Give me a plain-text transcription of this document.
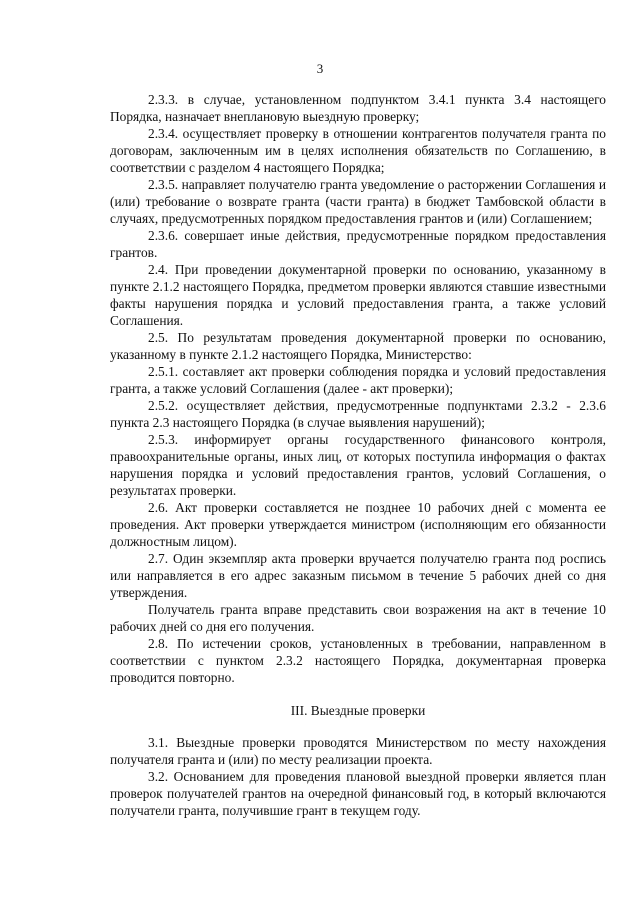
3

2.3.3. в случае, установленном подпунктом 3.4.1 пункта 3.4 настоящего Порядка, назначает внеплановую выездную проверку;

2.3.4. осуществляет проверку в отношении контрагентов получателя гранта по договорам, заключенным им в целях исполнения обязательств по Соглашению, в соответствии с разделом 4 настоящего Порядка;

2.3.5. направляет получателю гранта уведомление о расторжении Соглашения и (или) требование о возврате гранта (части гранта) в бюджет Тамбовской области в случаях, предусмотренных порядком предоставления грантов и (или) Соглашением;

2.3.6. совершает иные действия, предусмотренные порядком предоставления грантов.

2.4. При проведении документарной проверки по основанию, указанному в пункте 2.1.2 настоящего Порядка, предметом проверки являются ставшие известными факты нарушения порядка и условий предоставления гранта, а также условий Соглашения.

2.5. По результатам проведения документарной проверки по основанию, указанному в пункте 2.1.2 настоящего Порядка, Министерство:

2.5.1. составляет акт проверки соблюдения порядка и условий предоставления гранта, а также условий Соглашения (далее - акт проверки);

2.5.2. осуществляет действия, предусмотренные подпунктами 2.3.2 - 2.3.6 пункта 2.3 настоящего Порядка (в случае выявления нарушений);

2.5.3. информирует органы государственного финансового контроля, правоохранительные органы, иных лиц, от которых поступила информация о фактах нарушения порядка и условий предоставления грантов, условий Соглашения, о результатах проверки.

2.6. Акт проверки составляется не позднее 10 рабочих дней с момента ее проведения. Акт проверки утверждается министром (исполняющим его обязанности должностным лицом).

2.7. Один экземпляр акта проверки вручается получателю гранта под роспись или направляется в его адрес заказным письмом в течение 5 рабочих дней со дня утверждения.

Получатель гранта вправе представить свои возражения на акт в течение 10 рабочих дней со дня его получения.

2.8. По истечении сроков, установленных в требовании, направленном в соответствии с пунктом 2.3.2 настоящего Порядка, документарная проверка проводится повторно.

III. Выездные проверки

3.1. Выездные проверки проводятся Министерством по месту нахождения получателя гранта и (или) по месту реализации проекта.

3.2. Основанием для проведения плановой выездной проверки является план проверок получателей грантов на очередной финансовый год, в который включаются получатели гранта, получившие грант в текущем году.
